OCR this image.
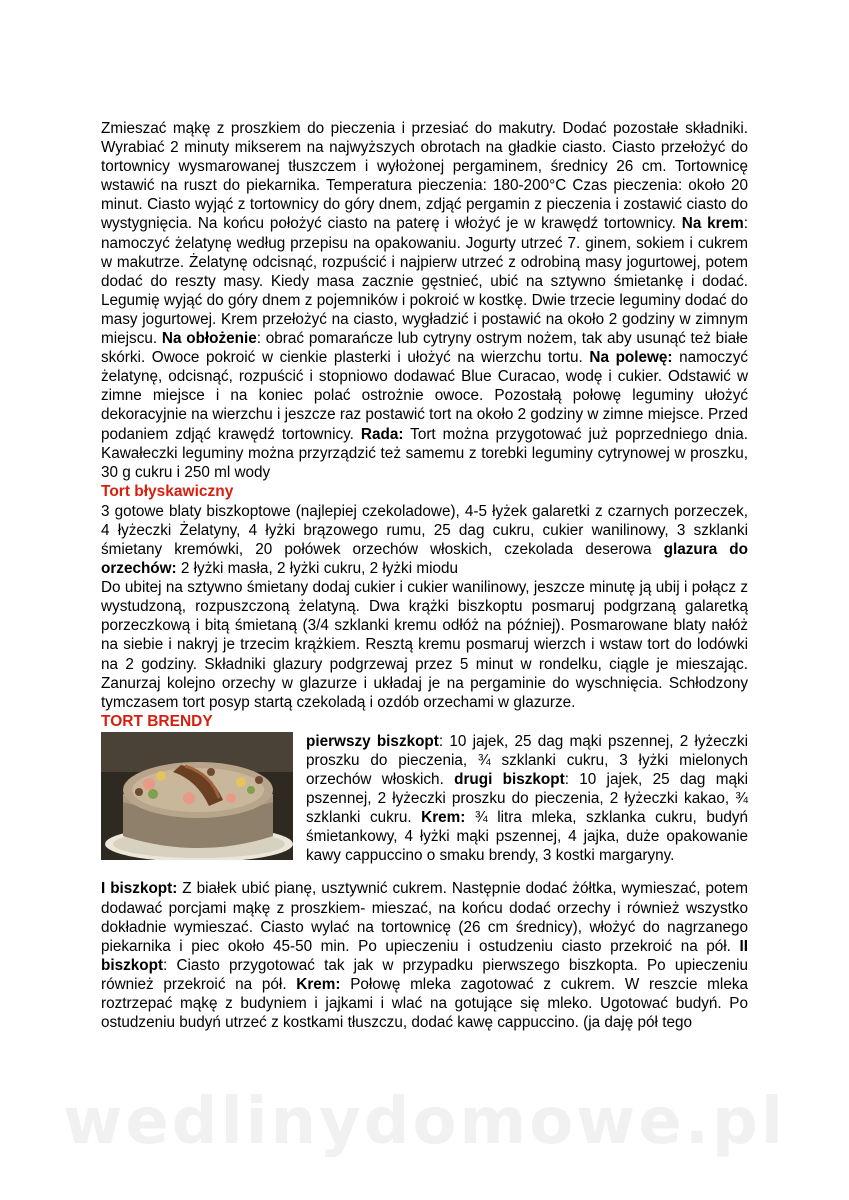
Zmieszać mąkę z proszkiem do pieczenia i przesiać do makutry. Dodać pozostałe składniki. Wyrabiać 2 minuty mikserem na najwyższych obrotach na gładkie ciasto. Ciasto przełożyć do tortownicy wysmarowanej tłuszczem i wyłożonej pergaminem, średnicy 26 cm. Tortownicę wstawić na ruszt do piekarnika. Temperatura pieczenia: 180-200°C Czas pieczenia: około 20 minut. Ciasto wyjąć z tortownicy do góry dnem, zdjąć pergamin z pieczenia i zostawić ciasto do wystygnięcia. Na końcu położyć ciasto na paterę i włożyć je w krawędź tortownicy. Na krem: namoczyć żelatynę według przepisu na opakowaniu. Jogurty utrzeć 7. ginem, sokiem i cukrem w makutrze. Żelatynę odcisnąć, rozpuścić i najpierw utrzeć z odrobiną masy jogurtowej, potem dodać do reszty masy. Kiedy masa zacznie gęstnieć, ubić na sztywno śmietankę i dodać. Legumię wyjąć do góry dnem z pojemników i pokroić w kostkę. Dwie trzecie leguminy dodać do masy jogurtowej. Krem przełożyć na ciasto, wygładzić i postawić na około 2 godziny w zimnym miejscu. Na obłożenie: obrać pomarańcze lub cytryny ostrym nożem, tak aby usunąć też białe skórki. Owoce pokroić w cienkie plasterki i ułożyć na wierzchu tortu. Na polewę: namoczyć żelatynę, odcisnąć, rozpuścić i stopniowo dodawać Blue Curacao, wodę i cukier. Odstawić w zimne miejsce i na koniec polać ostrożnie owoce. Pozostałą połowę leguminy ułożyć dekoracyjnie na wierzchu i jeszcze raz postawić tort na około 2 godziny w zimne miejsce. Przed podaniem zdjąć krawędź tortownicy. Rada: Tort można przygotować już poprzedniego dnia. Kawałeczki leguminy można przyrządzić też samemu z torebki leguminy cytrynowej w proszku, 30 g cukru i 250 ml wody

Tort błyskawiczny

3 gotowe blaty biszkoptowe (najlepiej czekoladowe), 4-5 łyżek galaretki z czarnych porzeczek, 4 łyżeczki Żelatyny, 4 łyżki brązowego rumu, 25 dag cukru, cukier wanilinowy, 3 szklanki śmietany kremówki, 20 połówek orzechów włoskich, czekolada deserowa glazura do orzechów: 2 łyżki masła, 2 łyżki cukru, 2 łyżki miodu

Do ubitej na sztywno śmietany dodaj cukier i cukier wanilinowy, jeszcze minutę ją ubij i połącz z wystudzoną, rozpuszczoną żelatyną. Dwa krążki biszkoptu posmaruj podgrzaną galaretką porzeczkową i bitą śmietaną (3/4 szklanki kremu odłóż na później). Posmarowane blaty nałóż na siebie i nakryj je trzecim krążkiem. Resztą kremu posmaruj wierzch i wstaw tort do lodówki na 2 godziny. Składniki glazury podgrzewaj przez 5 minut w rondelku, ciągle je mieszając. Zanurzaj kolejno orzechy w glazurze i układaj je na pergaminie do wyschnięcia. Schłodzony tymczasem tort posyp startą czekoladą i ozdób orzechami w glazurze.

TORT BRENDY

pierwszy biszkopt: 10 jajek, 25 dag mąki pszennej, 2 łyżeczki proszku do pieczenia, ¾ szklanki cukru, 3 łyżki mielonych orzechów włoskich. drugi biszkopt: 10 jajek, 25 dag mąki pszennej, 2 łyżeczki proszku do pieczenia, 2 łyżeczki kakao, ¾ szklanki cukru. Krem: ¾ litra mleka, szklanka cukru, budyń śmietankowy, 4 łyżki mąki pszennej, 4 jajka, duże opakowanie kawy cappuccino o smaku brendy, 3 kostki margaryny.

I biszkopt: Z białek ubić pianę, usztywnić cukrem. Następnie dodać żółtka, wymieszać, potem dodawać porcjami mąkę z proszkiem- mieszać, na końcu dodać orzechy i również wszystko dokładnie wymieszać. Ciasto wylać na tortownicę (26 cm średnicy), włożyć do nagrzanego piekarnika i piec około 45-50 min. Po upieczeniu i ostudzeniu ciasto przekroić na pół. II biszkopt: Ciasto przygotować tak jak w przypadku pierwszego biszkopta. Po upieczeniu również przekroić na pół. Krem: Połowę mleka zagotować z cukrem. W reszcie mleka roztrzepać mąkę z budyniem i jajkami i wlać na gotujące się mleko. Ugotować budyń. Po ostudzeniu budyń utrzeć z kostkami tłuszczu, dodać kawę cappuccino. (ja daję pół tego

wedlinydomowe.pl
